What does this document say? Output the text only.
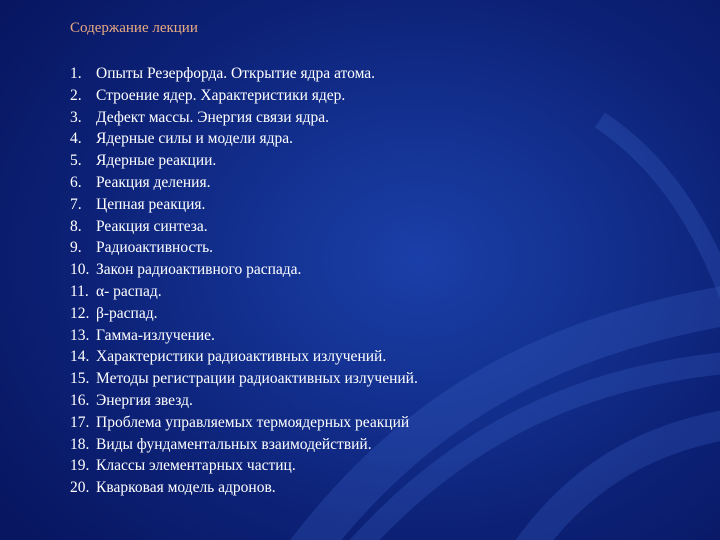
Содержание лекции
1. Опыты Резерфорда. Открытие ядра атома.
2. Строение ядер. Характеристики ядер.
3. Дефект массы. Энергия связи ядра.
4. Ядерные силы и модели ядра.
5. Ядерные реакции.
6. Реакция деления.
7. Цепная реакция.
8. Реакция синтеза.
9. Радиоактивность.
10. Закон радиоактивного распада.
11. α- распад.
12. β-распад.
13. Гамма-излучение.
14. Характеристики радиоактивных излучений.
15. Методы регистрации радиоактивных излучений.
16. Энергия звезд.
17. Проблема управляемых термоядерных реакций
18. Виды фундаментальных взаимодействий.
19. Классы элементарных частиц.
20. Кварковая модель адронов.
